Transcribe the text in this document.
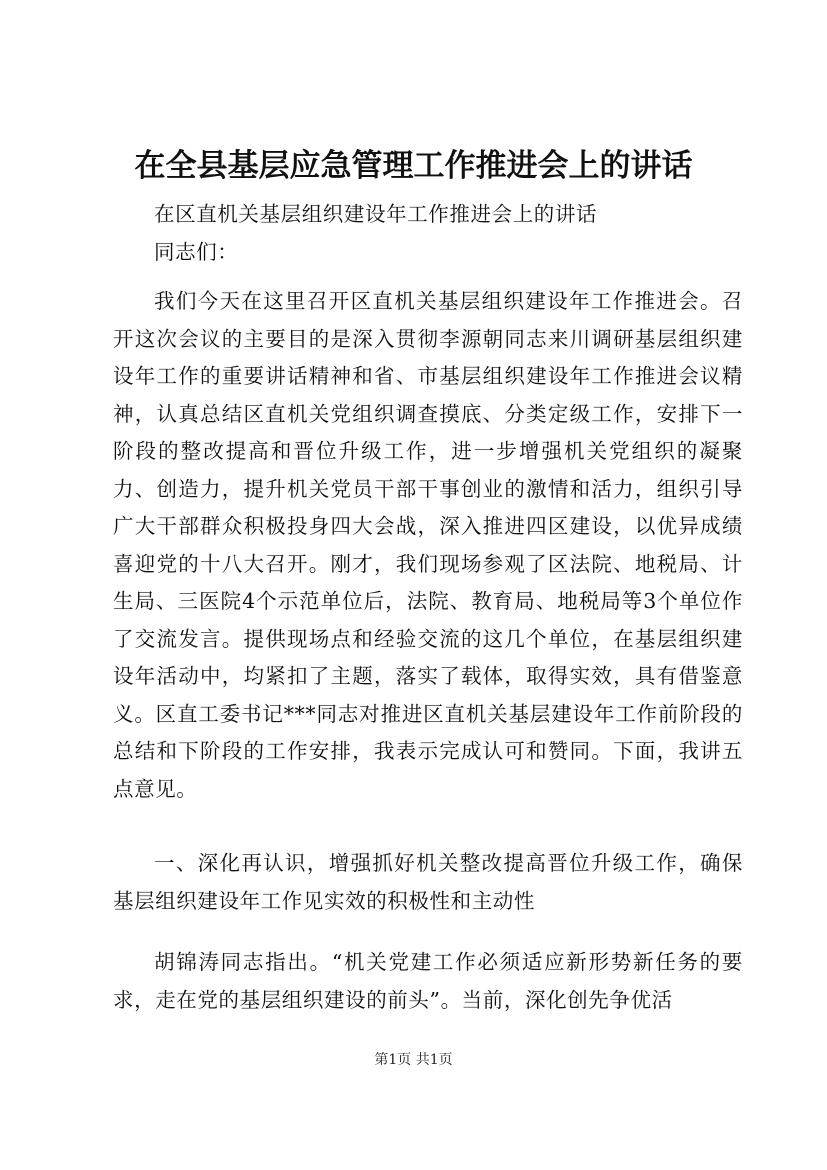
在全县基层应急管理工作推进会上的讲话
在区直机关基层组织建设年工作推进会上的讲话
同志们：
我们今天在这里召开区直机关基层组织建设年工作推进会。召开这次会议的主要目的是深入贯彻李源朝同志来川调研基层组织建设年工作的重要讲话精神和省、市基层组织建设年工作推进会议精神，认真总结区直机关党组织调查摸底、分类定级工作，安排下一阶段的整改提高和晋位升级工作，进一步增强机关党组织的凝聚力、创造力，提升机关党员干部干事创业的激情和活力，组织引导广大干部群众积极投身四大会战，深入推进四区建设，以优异成绩喜迎党的十八大召开。刚才，我们现场参观了区法院、地税局、计生局、三医院4个示范单位后，法院、教育局、地税局等3个单位作了交流发言。提供现场点和经验交流的这几个单位，在基层组织建设年活动中，均紧扣了主题，落实了载体，取得实效，具有借鉴意义。区直工委书记***同志对推进区直机关基层建设年工作前阶段的总结和下阶段的工作安排，我表示完成认可和赞同。下面，我讲五点意见。
一、深化再认识，增强抓好机关整改提高晋位升级工作，确保基层组织建设年工作见实效的积极性和主动性
胡锦涛同志指出。“机关党建工作必须适应新形势新任务的要求，走在党的基层组织建设的前头”。当前，深化创先争优活
第1页 共1页
